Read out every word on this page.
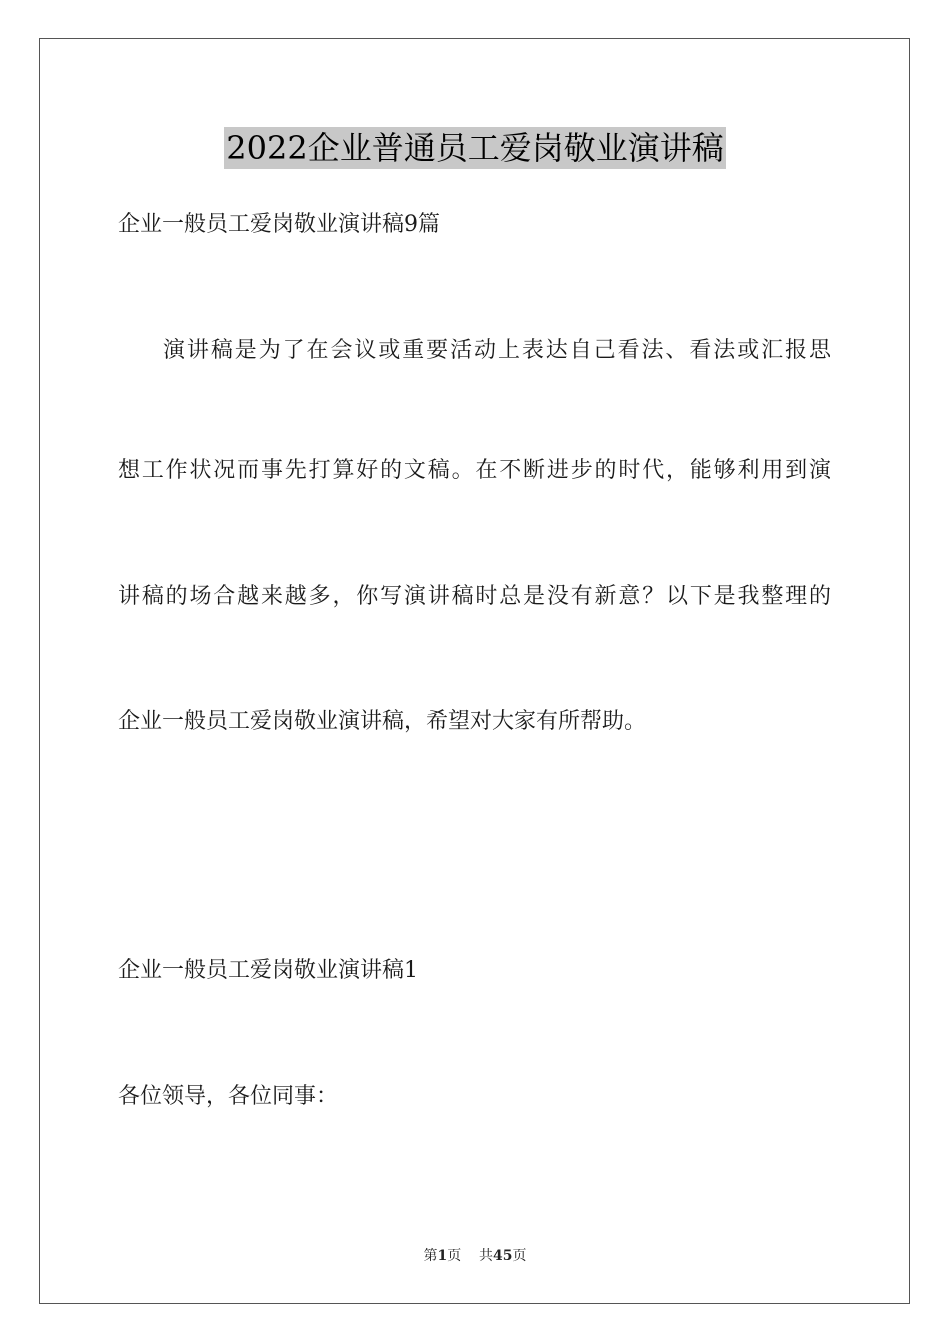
2022企业普通员工爱岗敬业演讲稿
企业一般员工爱岗敬业演讲稿9篇
演讲稿是为了在会议或重要活动上表达自己看法、看法或汇报思
想工作状况而事先打算好的文稿。在不断进步的时代，能够利用到演
讲稿的场合越来越多，你写演讲稿时总是没有新意？以下是我整理的
企业一般员工爱岗敬业演讲稿，希望对大家有所帮助。
企业一般员工爱岗敬业演讲稿1
各位领导，各位同事：
第1页 共45页
